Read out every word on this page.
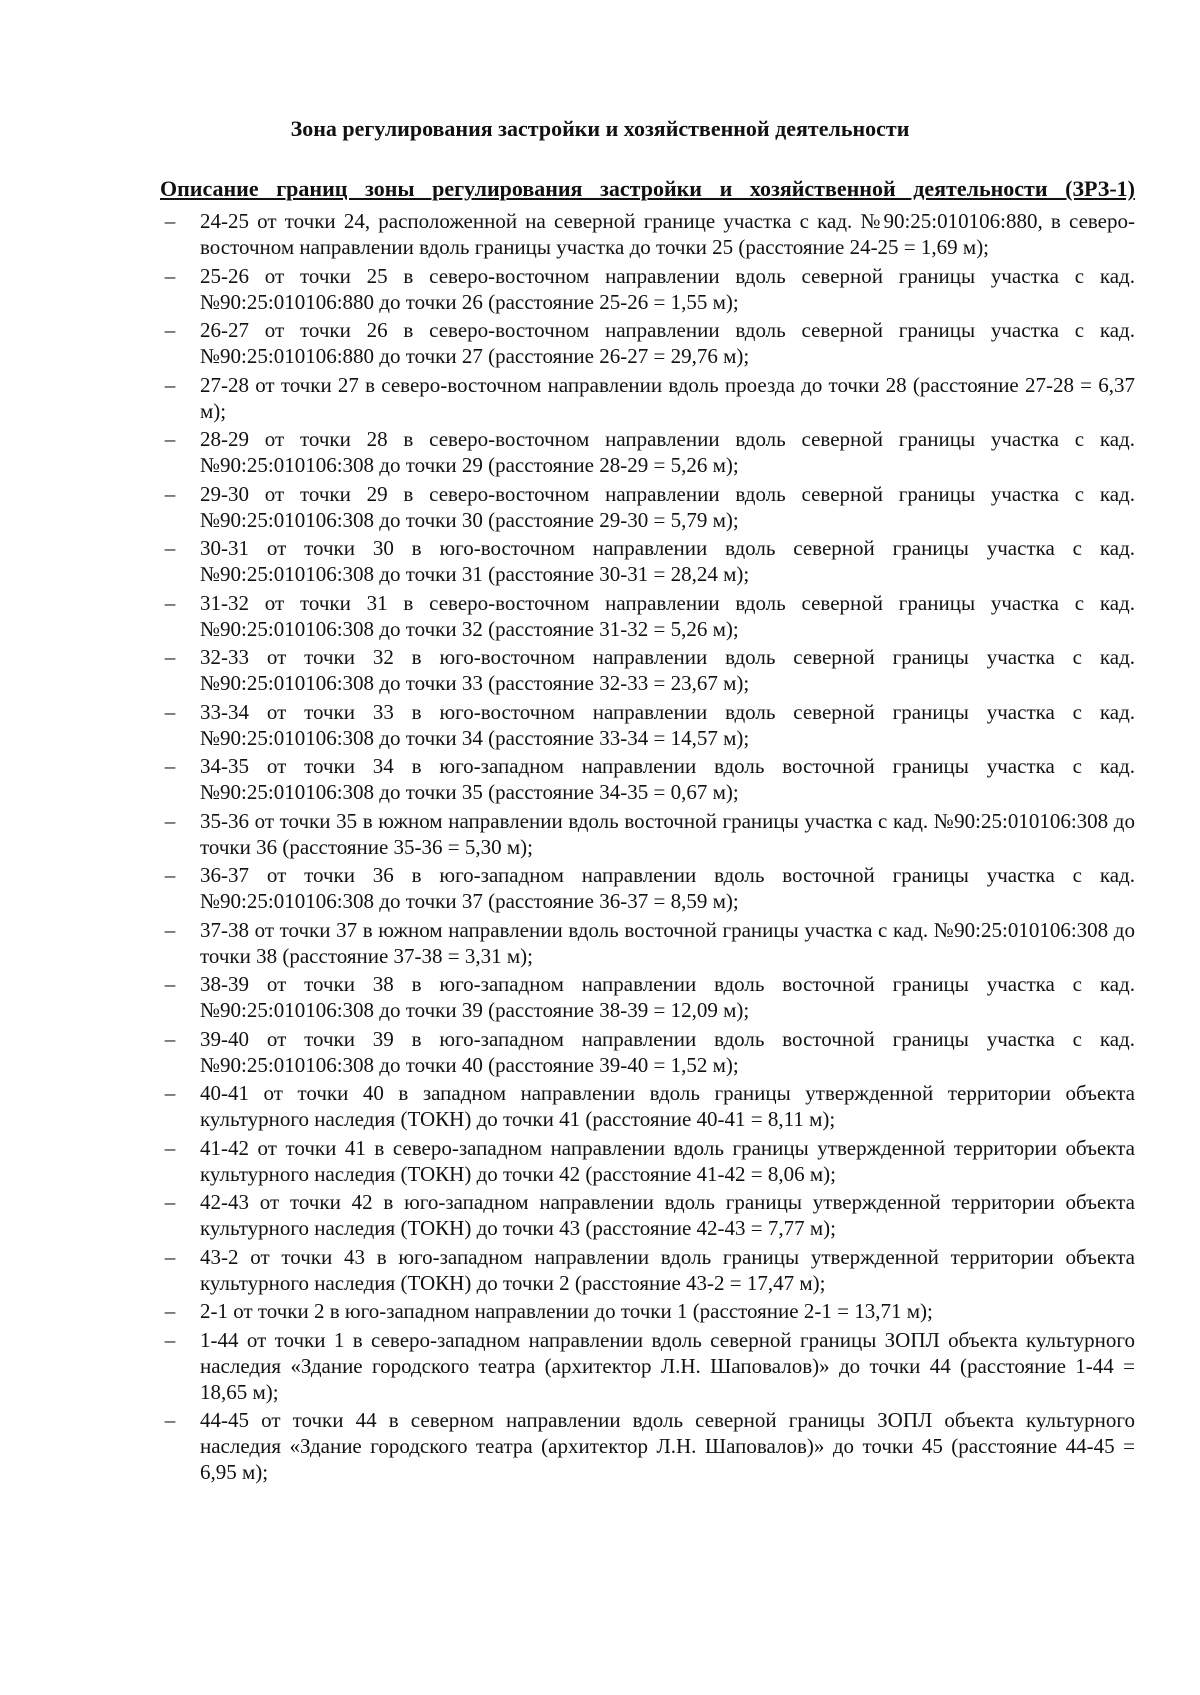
Зона регулирования застройки и хозяйственной деятельности
Описание границ зоны регулирования застройки и хозяйственной деятельности (ЗРЗ-1)
– 24-25 от точки 24, расположенной на северной границе участка с кад. №90:25:010106:880, в северо-восточном направлении вдоль границы участка до точки 25 (расстояние 24-25 = 1,69 м);
– 25-26 от точки 25 в северо-восточном направлении вдоль северной границы участка с кад. №90:25:010106:880 до точки 26 (расстояние 25-26 = 1,55 м);
– 26-27 от точки 26 в северо-восточном направлении вдоль северной границы участка с кад. №90:25:010106:880 до точки 27 (расстояние 26-27 = 29,76 м);
– 27-28 от точки 27 в северо-восточном направлении вдоль проезда до точки 28 (расстояние 27-28 = 6,37 м);
– 28-29 от точки 28 в северо-восточном направлении вдоль северной границы участка с кад. №90:25:010106:308 до точки 29 (расстояние 28-29 = 5,26 м);
– 29-30 от точки 29 в северо-восточном направлении вдоль северной границы участка с кад. №90:25:010106:308 до точки 30 (расстояние 29-30 = 5,79 м);
– 30-31 от точки 30 в юго-восточном направлении вдоль северной границы участка с кад. №90:25:010106:308 до точки 31 (расстояние 30-31 = 28,24 м);
– 31-32 от точки 31 в северо-восточном направлении вдоль северной границы участка с кад. №90:25:010106:308 до точки 32 (расстояние 31-32 = 5,26 м);
– 32-33 от точки 32 в юго-восточном направлении вдоль северной границы участка с кад. №90:25:010106:308 до точки 33 (расстояние 32-33 = 23,67 м);
– 33-34 от точки 33 в юго-восточном направлении вдоль северной границы участка с кад. №90:25:010106:308 до точки 34 (расстояние 33-34 = 14,57 м);
– 34-35 от точки 34 в юго-западном направлении вдоль восточной границы участка с кад. №90:25:010106:308 до точки 35 (расстояние 34-35 = 0,67 м);
– 35-36 от точки 35 в южном направлении вдоль восточной границы участка с кад. №90:25:010106:308 до точки 36 (расстояние 35-36 = 5,30 м);
– 36-37 от точки 36 в юго-западном направлении вдоль восточной границы участка с кад. №90:25:010106:308 до точки 37 (расстояние 36-37 = 8,59 м);
– 37-38 от точки 37 в южном направлении вдоль восточной границы участка с кад. №90:25:010106:308 до точки 38 (расстояние 37-38 = 3,31 м);
– 38-39 от точки 38 в юго-западном направлении вдоль восточной границы участка с кад. №90:25:010106:308 до точки 39 (расстояние 38-39 = 12,09 м);
– 39-40 от точки 39 в юго-западном направлении вдоль восточной границы участка с кад. №90:25:010106:308 до точки 40 (расстояние 39-40 = 1,52 м);
– 40-41 от точки 40 в западном направлении вдоль границы утвержденной территории объекта культурного наследия (ТОКН) до точки 41 (расстояние 40-41 = 8,11 м);
– 41-42 от точки 41 в северо-западном направлении вдоль границы утвержденной территории объекта культурного наследия (ТОКН) до точки 42 (расстояние 41-42 = 8,06 м);
– 42-43 от точки 42 в юго-западном направлении вдоль границы утвержденной территории объекта культурного наследия (ТОКН) до точки 43 (расстояние 42-43 = 7,77 м);
– 43-2 от точки 43 в юго-западном направлении вдоль границы утвержденной территории объекта культурного наследия (ТОКН) до точки 2 (расстояние 43-2 = 17,47 м);
– 2-1 от точки 2 в юго-западном направлении до точки 1 (расстояние 2-1 = 13,71 м);
– 1-44 от точки 1 в северо-западном направлении вдоль северной границы ЗОПЛ объекта культурного наследия «Здание городского театра (архитектор Л.Н. Шаповалов)» до точки 44 (расстояние 1-44 = 18,65 м);
– 44-45 от точки 44 в северном направлении вдоль северной границы ЗОПЛ объекта культурного наследия «Здание городского театра (архитектор Л.Н. Шаповалов)» до точки 45 (расстояние 44-45 = 6,95 м);
